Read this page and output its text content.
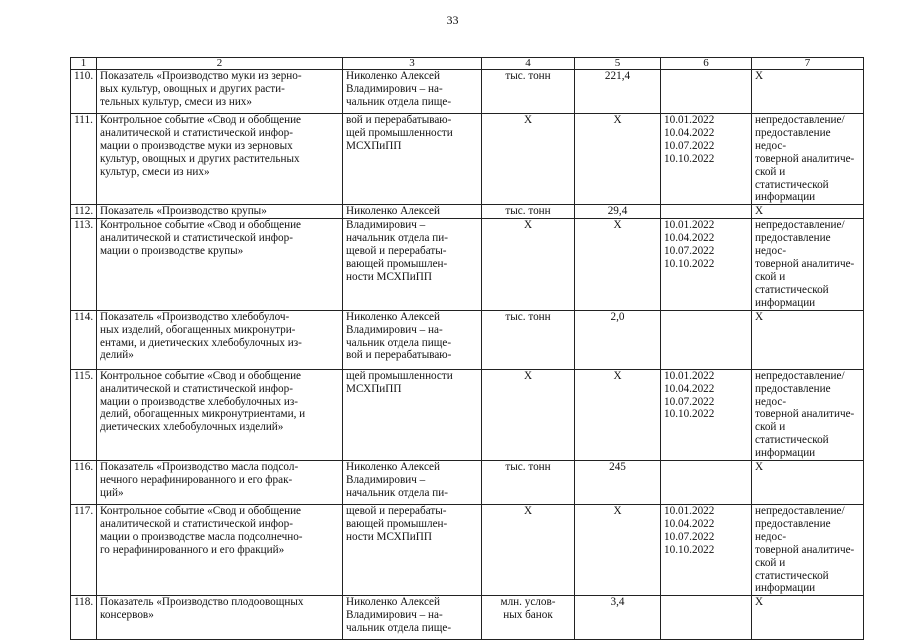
33
1	2	3	4	5	6	7
110.	Показатель «Производство муки из зерно-
вых культур, овощных и других расти-
тельных культур, смеси из них»	Николенко Алексей
Владимирович – на-
чальник отдела пище-	тыс. тонн	221,4		Х

111.	Контрольное событие «Свод и обобщение
аналитической и статистической инфор-
мации о производстве муки из зерновых
культур, овощных и других растительных
культур, смеси из них»	вой и перерабатываю-
щей промышленности
МСХПиПП	Х	Х	10.01.2022
10.04.2022
10.07.2022
10.10.2022	непредоставление/
предоставление недос-
товерной аналитиче-
ской и статистической
информации

112.	Показатель «Производство крупы»	Николенко Алексей	тыс. тонн	29,4		Х

113.	Контрольное событие «Свод и обобщение
аналитической и статистической инфор-
мации о производстве крупы»	Владимирович –
начальник отдела пи-
щевой и перерабаты-
вающей промышлен-
ности МСХПиПП	Х	Х	10.01.2022
10.04.2022
10.07.2022
10.10.2022	непредоставление/
предоставление недос-
товерной аналитиче-
ской и статистической
информации

114.	Показатель «Производство хлебобулоч-
ных изделий, обогащенных микронутри-
ентами, и диетических хлебобулочных из-
делий»	Николенко Алексей
Владимирович – на-
чальник отдела пище-
вой и перерабатываю-	тыс. тонн	2,0		Х

115.	Контрольное событие «Свод и обобщение
аналитической и статистической инфор-
мации о производстве хлебобулочных из-
делий, обогащенных микронутриентами, и
диетических хлебобулочных изделий»	щей промышленности
МСХПиПП	Х	Х	10.01.2022
10.04.2022
10.07.2022
10.10.2022	непредоставление/
предоставление недос-
товерной аналитиче-
ской и статистической
информации

116.	Показатель «Производство масла подсол-
нечного нерафинированного и его фрак-
ций»	Николенко Алексей
Владимирович –
начальник отдела пи-	тыс. тонн	245		Х

117.	Контрольное событие «Свод и обобщение
аналитической и статистической инфор-
мации о производстве масла подсолнечно-
го нерафинированного и его фракций»	щевой и перерабаты-
вающей промышлен-
ности МСХПиПП	Х	Х	10.01.2022
10.04.2022
10.07.2022
10.10.2022	непредоставление/
предоставление недос-
товерной аналитиче-
ской и статистической
информации

118.	Показатель «Производство плодоовощных
консервов»	Николенко Алексей
Владимирович – на-
чальник отдела пище-	млн. услов-
ных банок	3,4		Х
